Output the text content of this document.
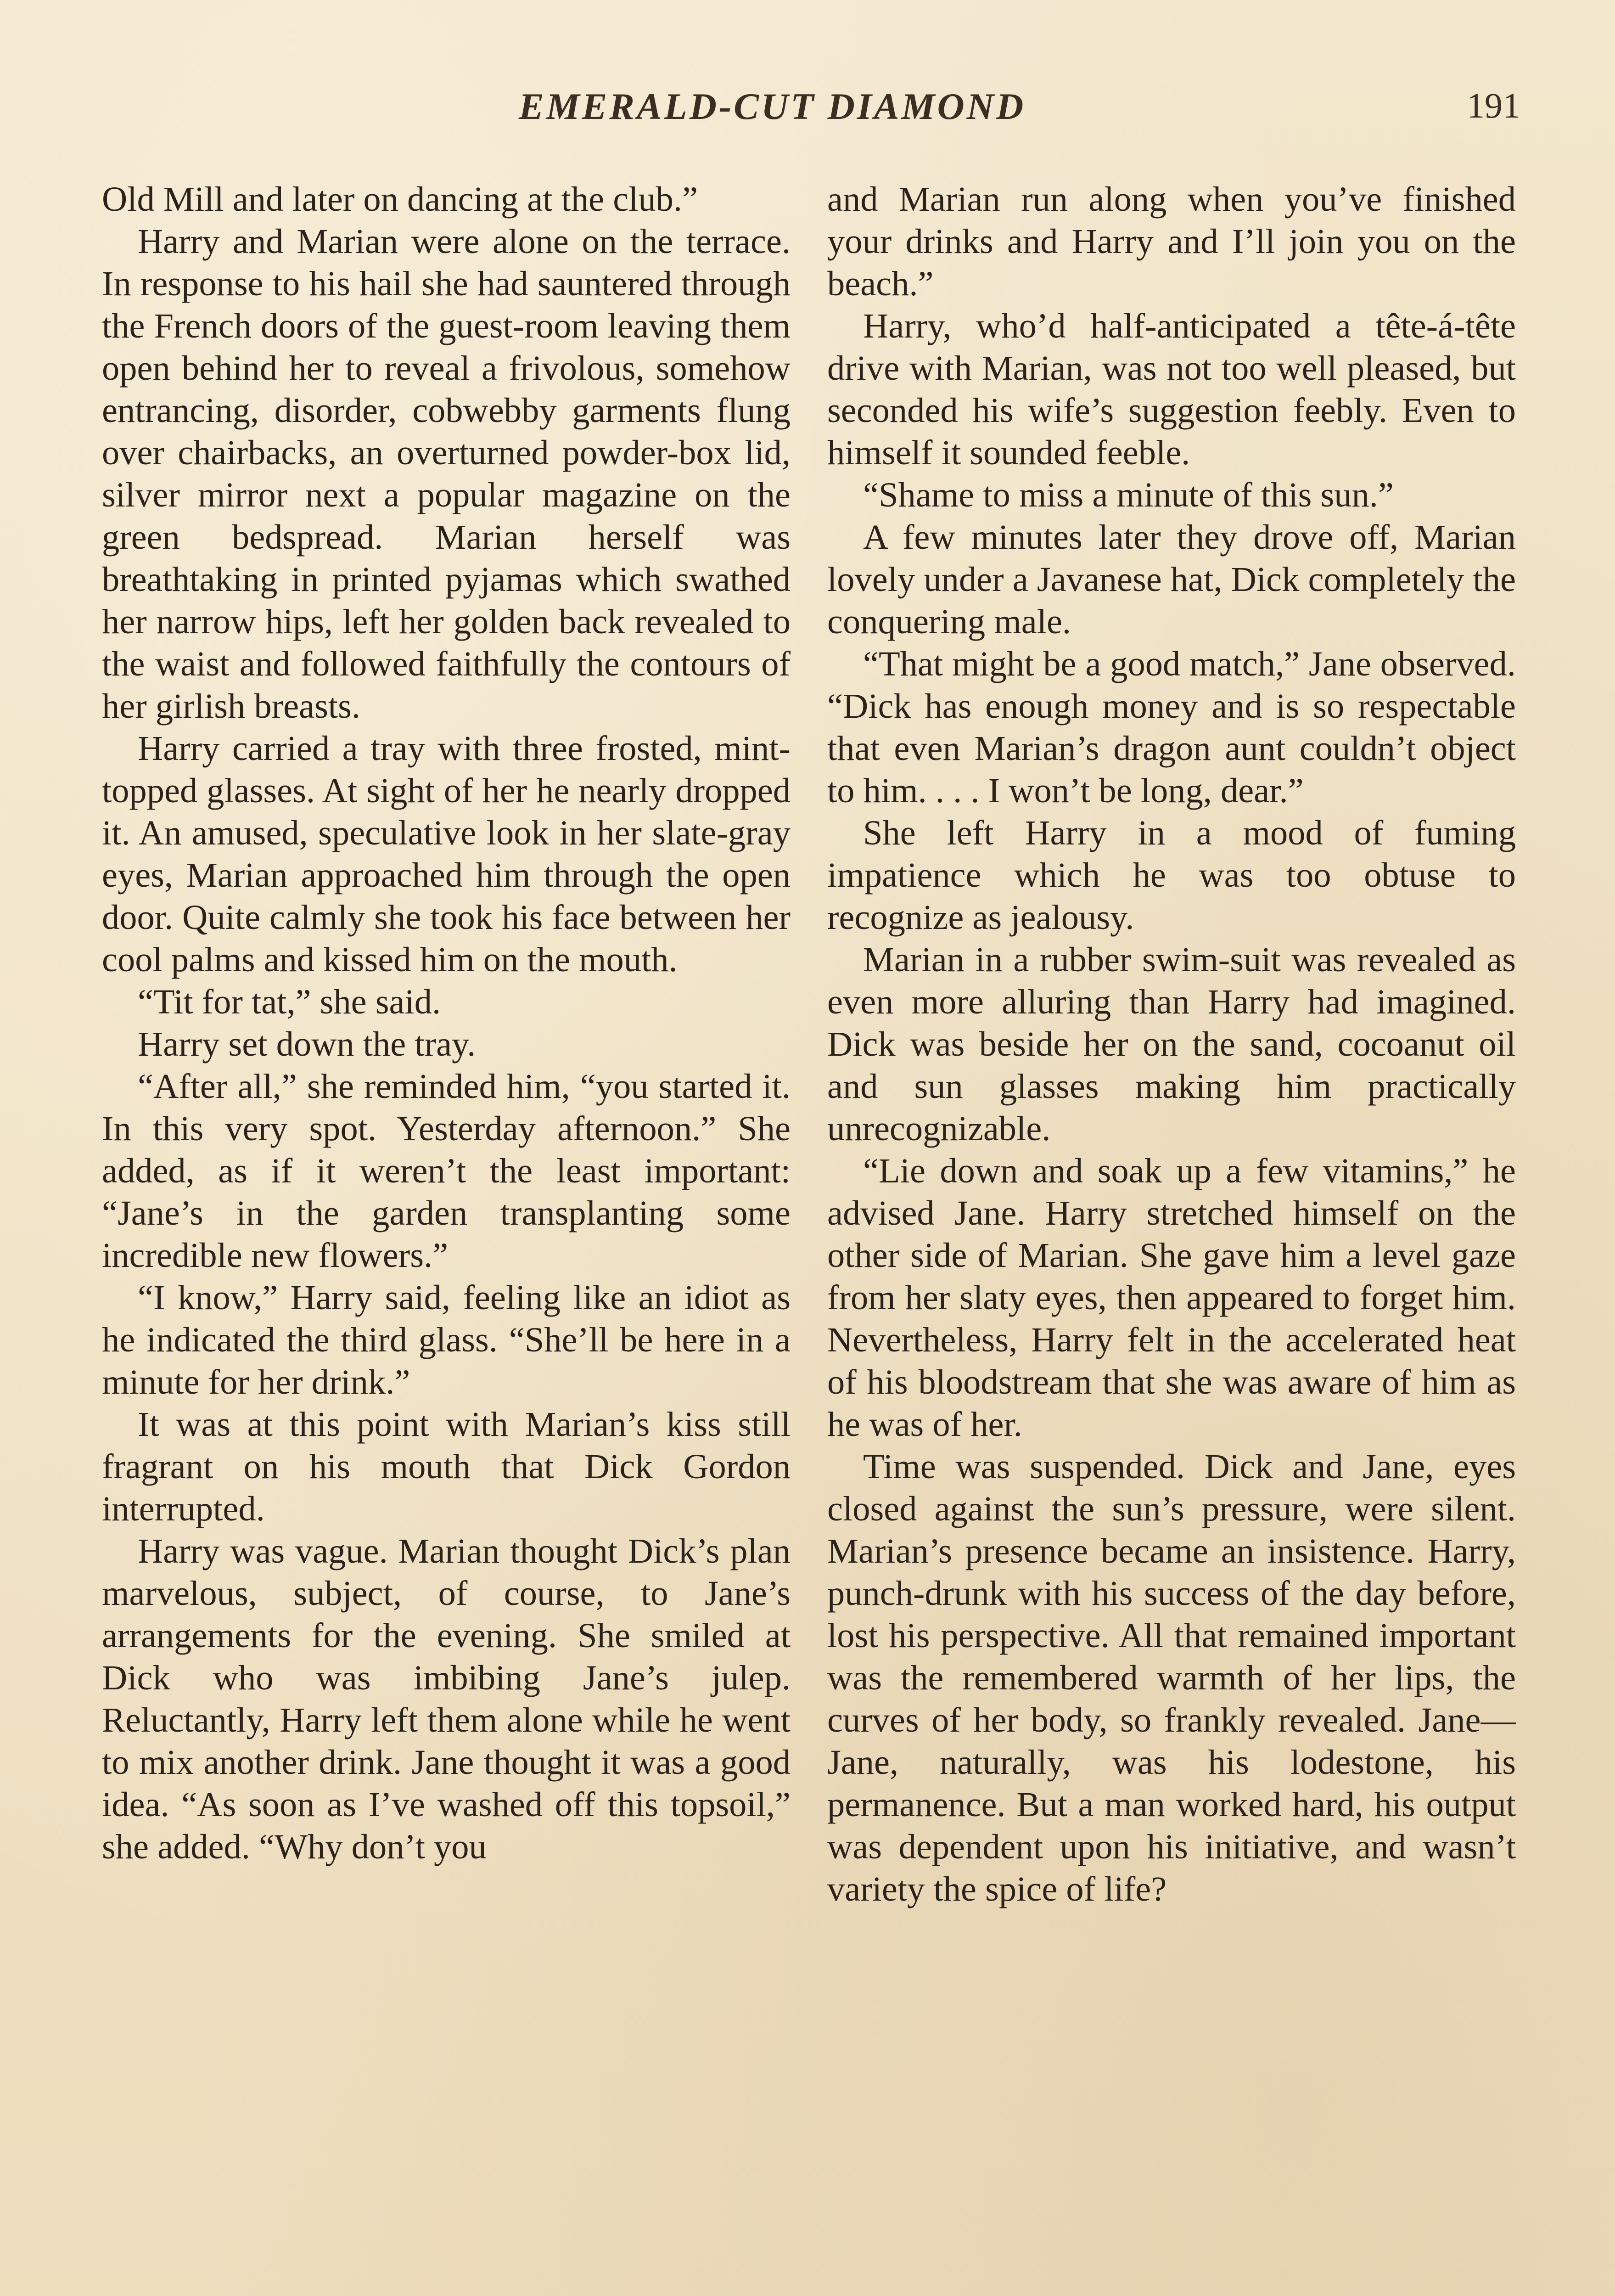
EMERALD-CUT DIAMOND	191

Old Mill and later on dancing at the club.”

Harry and Marian were alone on the terrace. In response to his hail she had sauntered through the French doors of the guest-room leaving them open behind her to reveal a frivolous, somehow entrancing, disorder, cobwebby garments flung over chairbacks, an overturned powder-box lid, silver mirror next a popular magazine on the green bedspread. Marian herself was breathtaking in printed pyjamas which swathed her narrow hips, left her golden back revealed to the waist and followed faithfully the contours of her girlish breasts.

Harry carried a tray with three frosted, mint-topped glasses. At sight of her he nearly dropped it. An amused, speculative look in her slate-gray eyes, Marian approached him through the open door. Quite calmly she took his face between her cool palms and kissed him on the mouth.

“Tit for tat,” she said.

Harry set down the tray.

“After all,” she reminded him, “you started it. In this very spot. Yesterday afternoon.” She added, as if it weren’t the least important: “Jane’s in the garden transplanting some incredible new flowers.”

“I know,” Harry said, feeling like an idiot as he indicated the third glass. “She’ll be here in a minute for her drink.”

It was at this point with Marian’s kiss still fragrant on his mouth that Dick Gordon interrupted.

Harry was vague. Marian thought Dick’s plan marvelous, subject, of course, to Jane’s arrangements for the evening. She smiled at Dick who was imbibing Jane’s julep. Reluctantly, Harry left them alone while he went to mix another drink. Jane thought it was a good idea. “As soon as I’ve washed off this topsoil,” she added. “Why don’t you

and Marian run along when you’ve finished your drinks and Harry and I’ll join you on the beach.”

Harry, who’d half-anticipated a tête-á-tête drive with Marian, was not too well pleased, but seconded his wife’s suggestion feebly. Even to himself it sounded feeble.

“Shame to miss a minute of this sun.”

A few minutes later they drove off, Marian lovely under a Javanese hat, Dick completely the conquering male.

“That might be a good match,” Jane observed. “Dick has enough money and is so respectable that even Marian’s dragon aunt couldn’t object to him. . . . I won’t be long, dear.”

She left Harry in a mood of fuming impatience which he was too obtuse to recognize as jealousy.

Marian in a rubber swim-suit was revealed as even more alluring than Harry had imagined. Dick was beside her on the sand, cocoanut oil and sun glasses making him practically unrecognizable.

“Lie down and soak up a few vitamins,” he advised Jane. Harry stretched himself on the other side of Marian. She gave him a level gaze from her slaty eyes, then appeared to forget him. Nevertheless, Harry felt in the accelerated heat of his bloodstream that she was aware of him as he was of her.

Time was suspended. Dick and Jane, eyes closed against the sun’s pressure, were silent. Marian’s presence became an insistence. Harry, punch-drunk with his success of the day before, lost his perspective. All that remained important was the remembered warmth of her lips, the curves of her body, so frankly revealed. Jane—Jane, naturally, was his lodestone, his permanence. But a man worked hard, his output was dependent upon his initiative, and wasn’t variety the spice of life?
